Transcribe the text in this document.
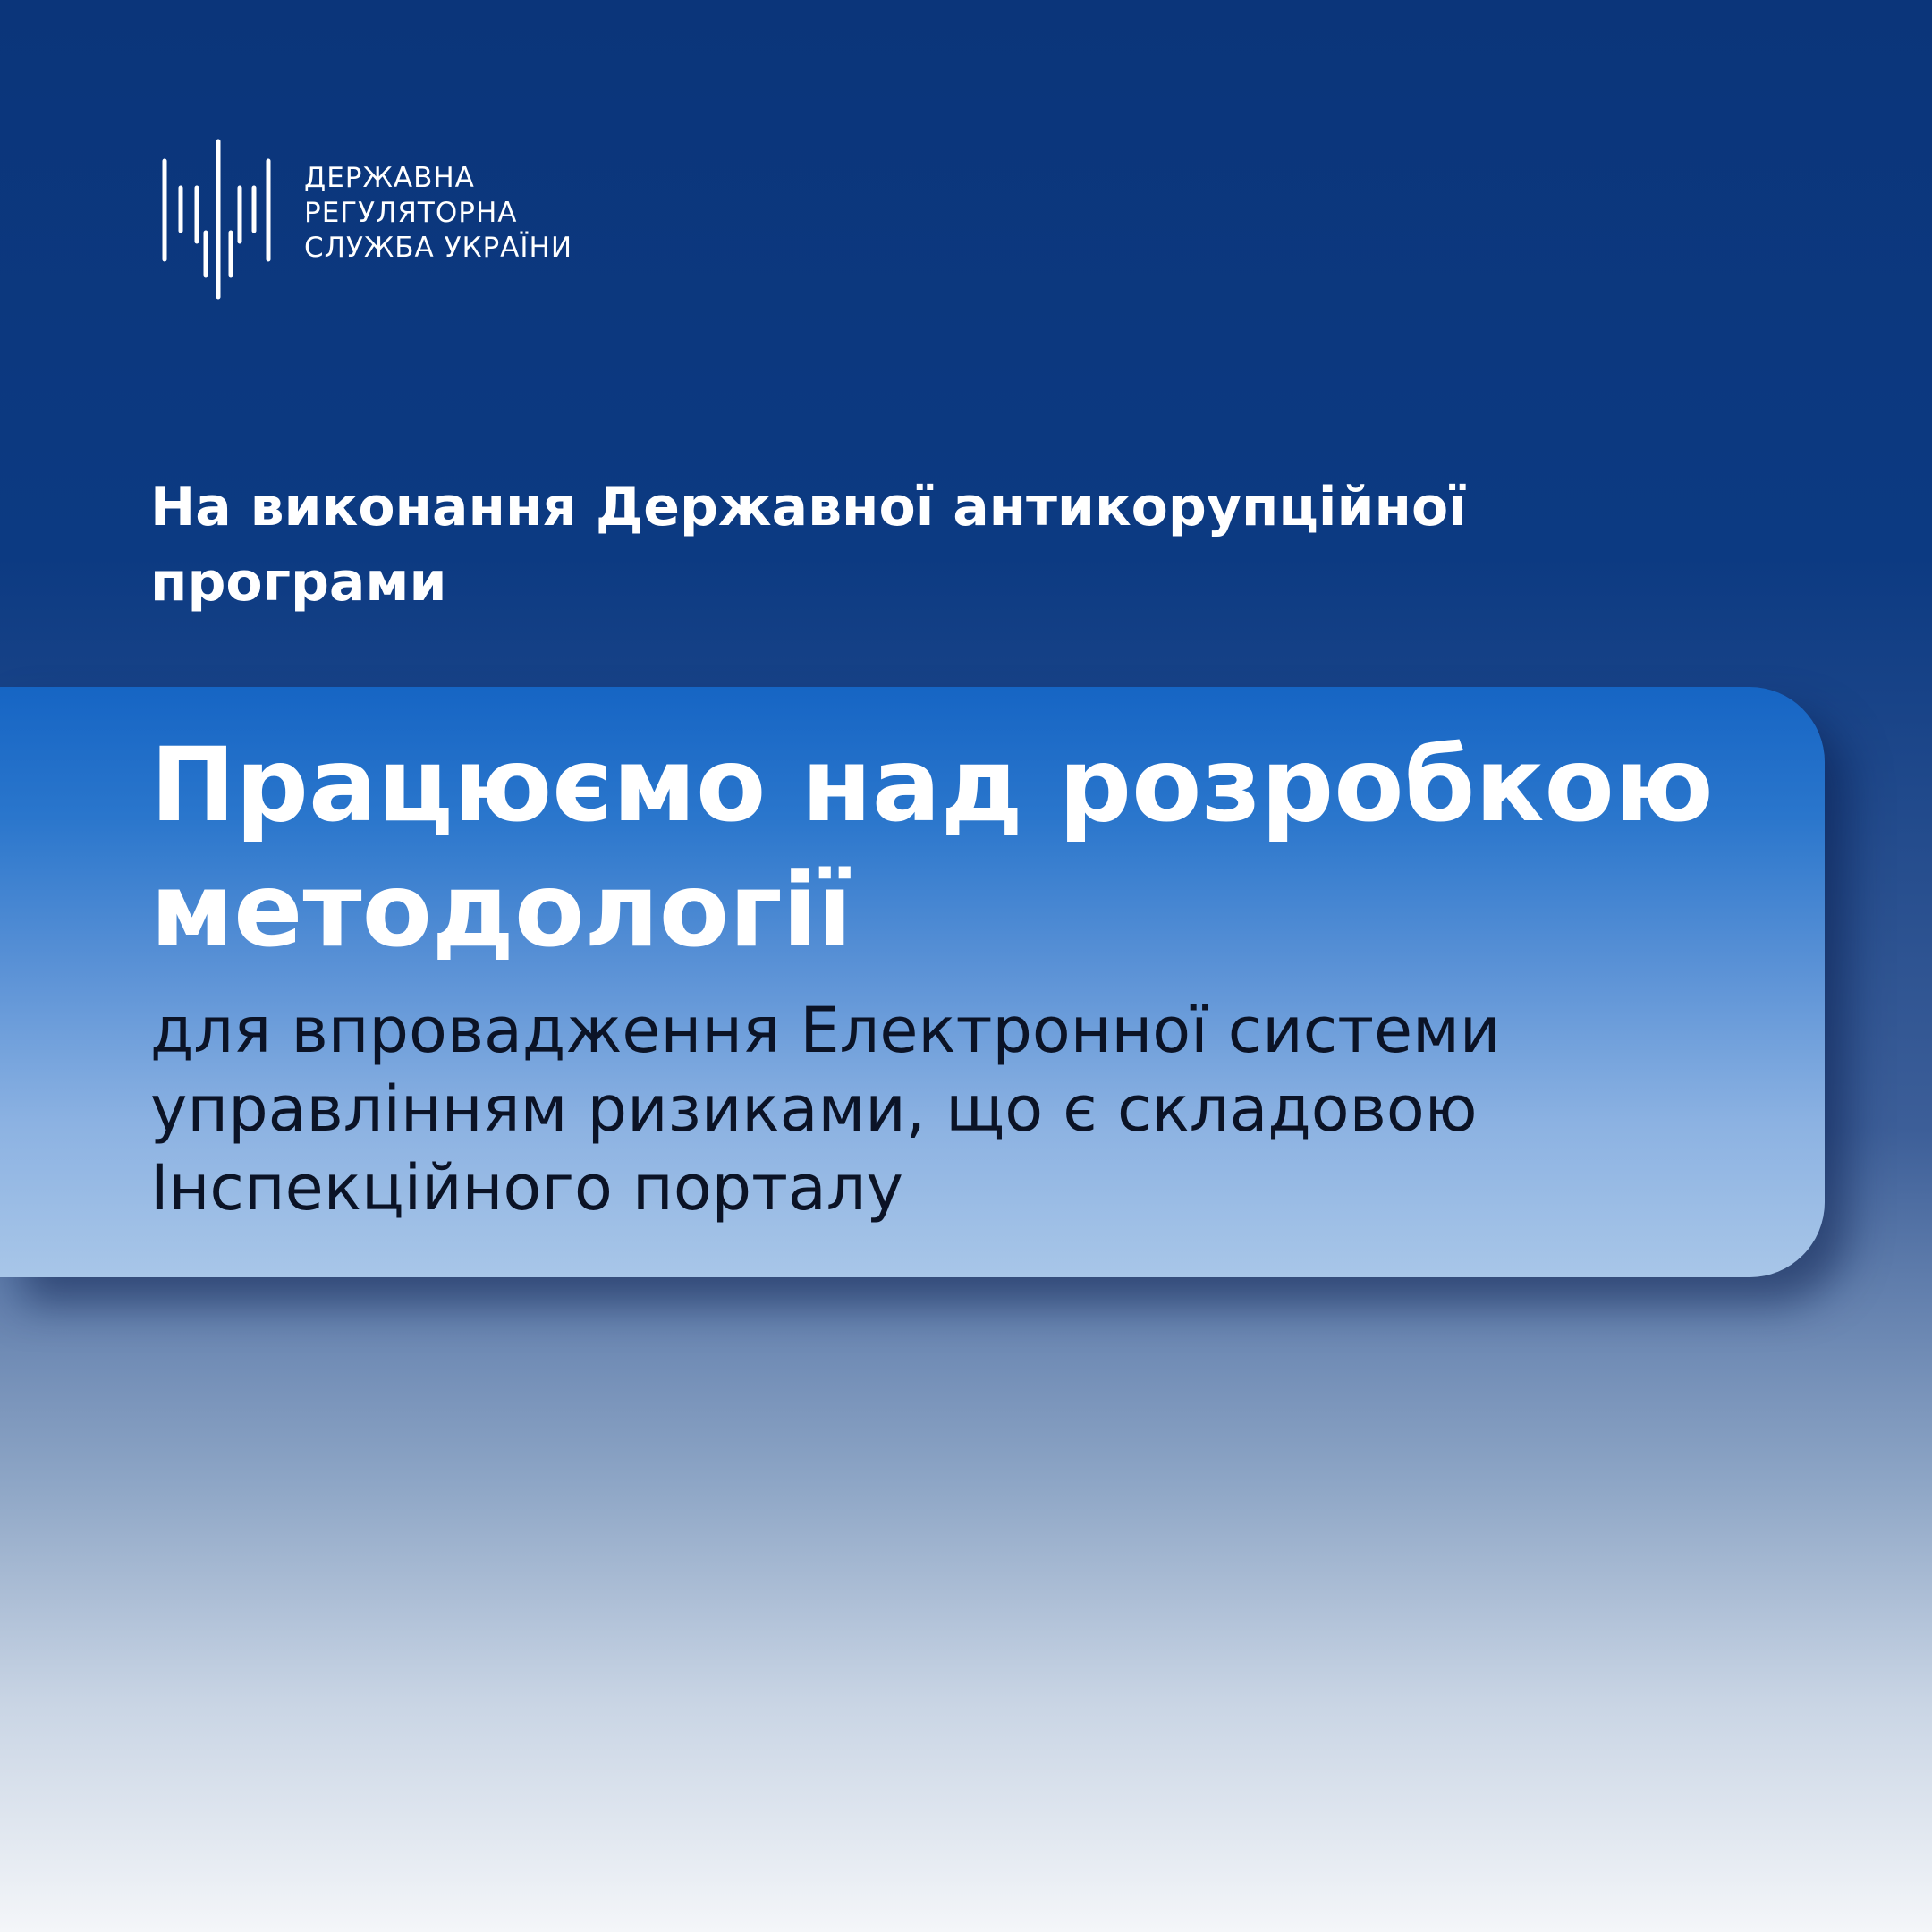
ДЕРЖАВНА
РЕГУЛЯТОРНА
СЛУЖБА УКРАЇНИ
На виконання Державної антикорупційної
програми
Працюємо над розробкою
методології
для впровадження Електронної системи
управлінням ризиками, що є складовою
Інспекційного порталу
